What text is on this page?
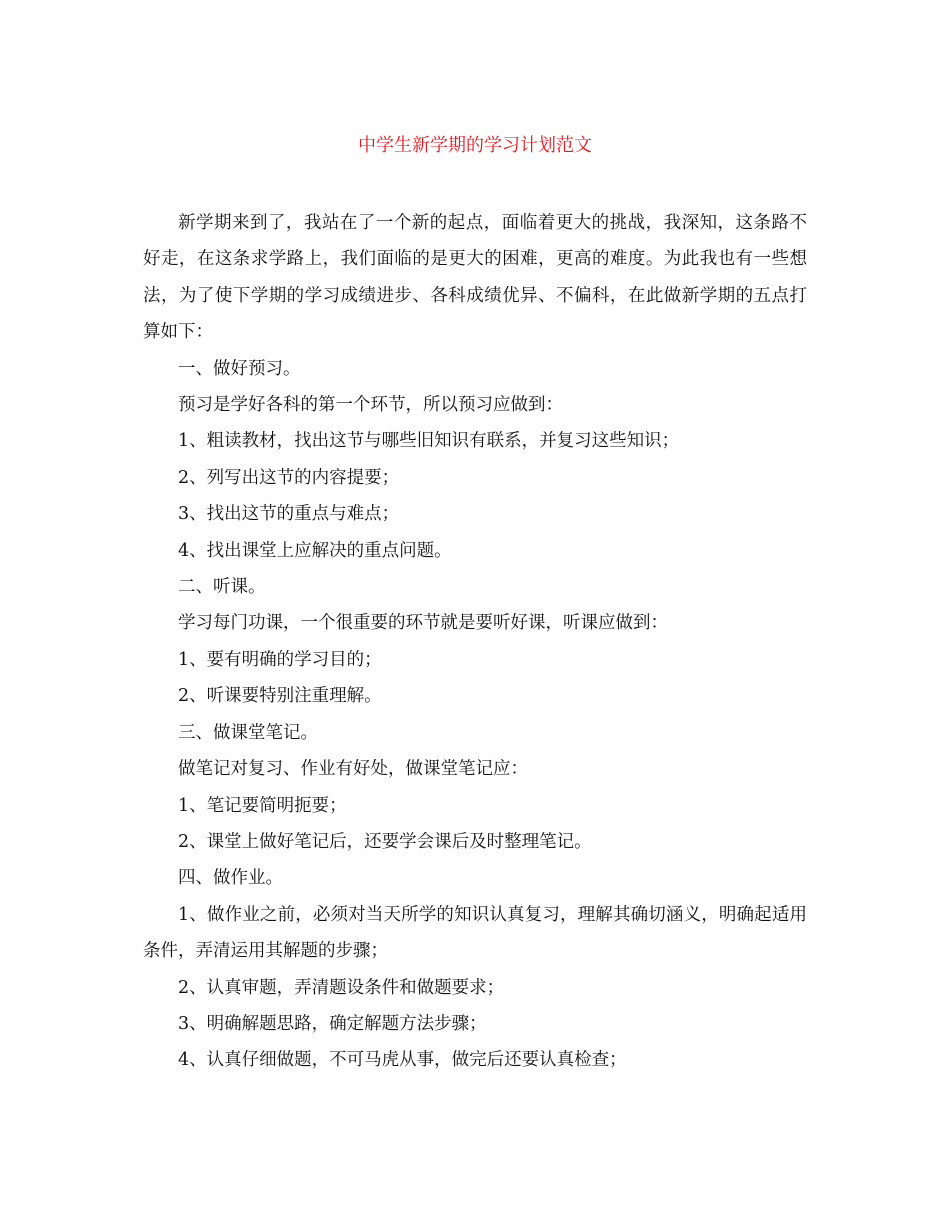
中学生新学期的学习计划范文

新学期来到了，我站在了一个新的起点，面临着更大的挑战，我深知，这条路不好走，在这条求学路上，我们面临的是更大的困难，更高的难度。为此我也有一些想法，为了使下学期的学习成绩进步、各科成绩优异、不偏科，在此做新学期的五点打算如下：

一、做好预习。

预习是学好各科的第一个环节，所以预习应做到：

1、粗读教材，找出这节与哪些旧知识有联系，并复习这些知识；

2、列写出这节的内容提要；

3、找出这节的重点与难点；

4、找出课堂上应解决的重点问题。

二、听课。

学习每门功课，一个很重要的环节就是要听好课，听课应做到：

1、要有明确的学习目的；

2、听课要特别注重理解。

三、做课堂笔记。

做笔记对复习、作业有好处，做课堂笔记应：

1、笔记要简明扼要；

2、课堂上做好笔记后，还要学会课后及时整理笔记。

四、做作业。

1、做作业之前，必须对当天所学的知识认真复习，理解其确切涵义，明确起适用条件，弄清运用其解题的步骤；

2、认真审题，弄清题设条件和做题要求；

3、明确解题思路，确定解题方法步骤；

4、认真仔细做题，不可马虎从事，做完后还要认真检查；
